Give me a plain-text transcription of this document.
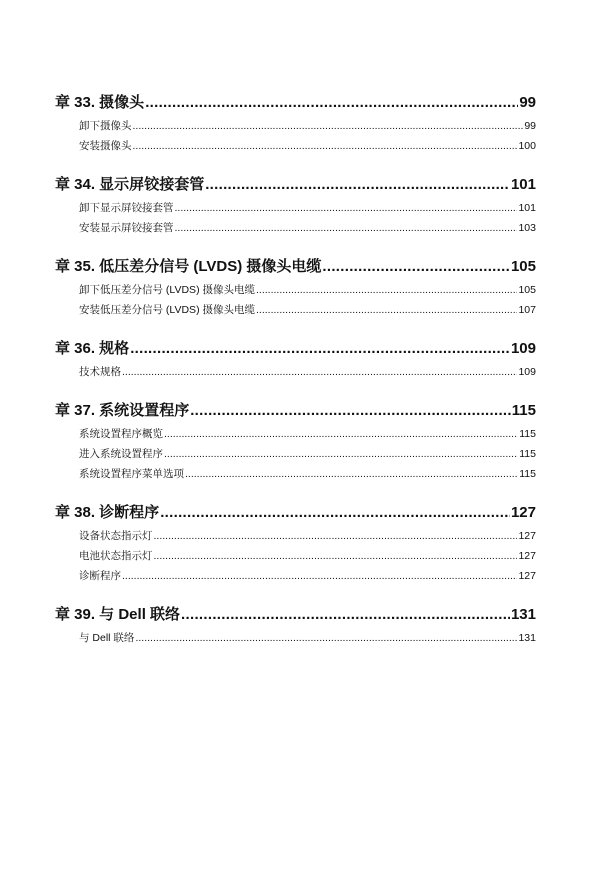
章 33. 摄像头 .....	99
卸下摄像头 .....	99
安装摄像头 .....	100
章 34. 显示屏铰接套管 .....	101
卸下显示屏铰接套管 .....	101
安装显示屏铰接套管 .....	103
章 35. 低压差分信号 (LVDS) 摄像头电缆 .....	105
卸下低压差分信号 (LVDS) 摄像头电缆 .....	105
安装低压差分信号 (LVDS) 摄像头电缆 .....	107
章 36. 规格 .....	109
技术规格 .....	109
章 37. 系统设置程序 .....	115
系统设置程序概览 .....	115
进入系统设置程序 .....	115
系统设置程序菜单选项 .....	115
章 38. 诊断程序 .....	127
设备状态指示灯 .....	127
电池状态指示灯 .....	127
诊断程序 .....	127
章 39. 与 Dell 联络 .....	131
与 Dell 联络 .....	131
